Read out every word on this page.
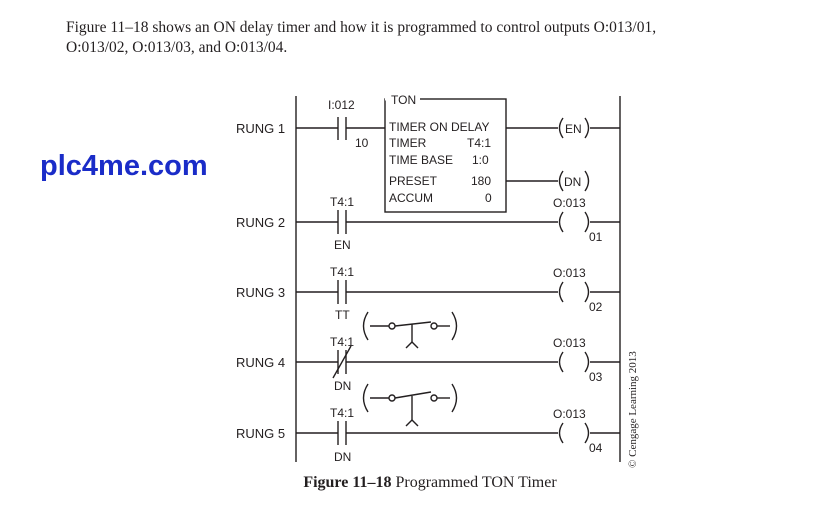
Figure 11–18 shows an ON delay timer and how it is programmed to control outputs O:013/01,
O:013/02, O:013/03, and O:013/04.
RUNG 1
RUNG 2
RUNG 3
RUNG 4
RUNG 5
I:012
10
TON
TIMER ON DELAY
TIMER	T4:1
TIME BASE 1:0
PRESET	180
ACCUM	0
EN
DN
T4:1
EN
T4:1
TT
T4:1
DN
T4:1
DN
O:013
01
O:013
02
O:013
03
O:013
04 © Cengage Learning 2013
plc4me.com
Figure 11–18 Programmed TON Timer
